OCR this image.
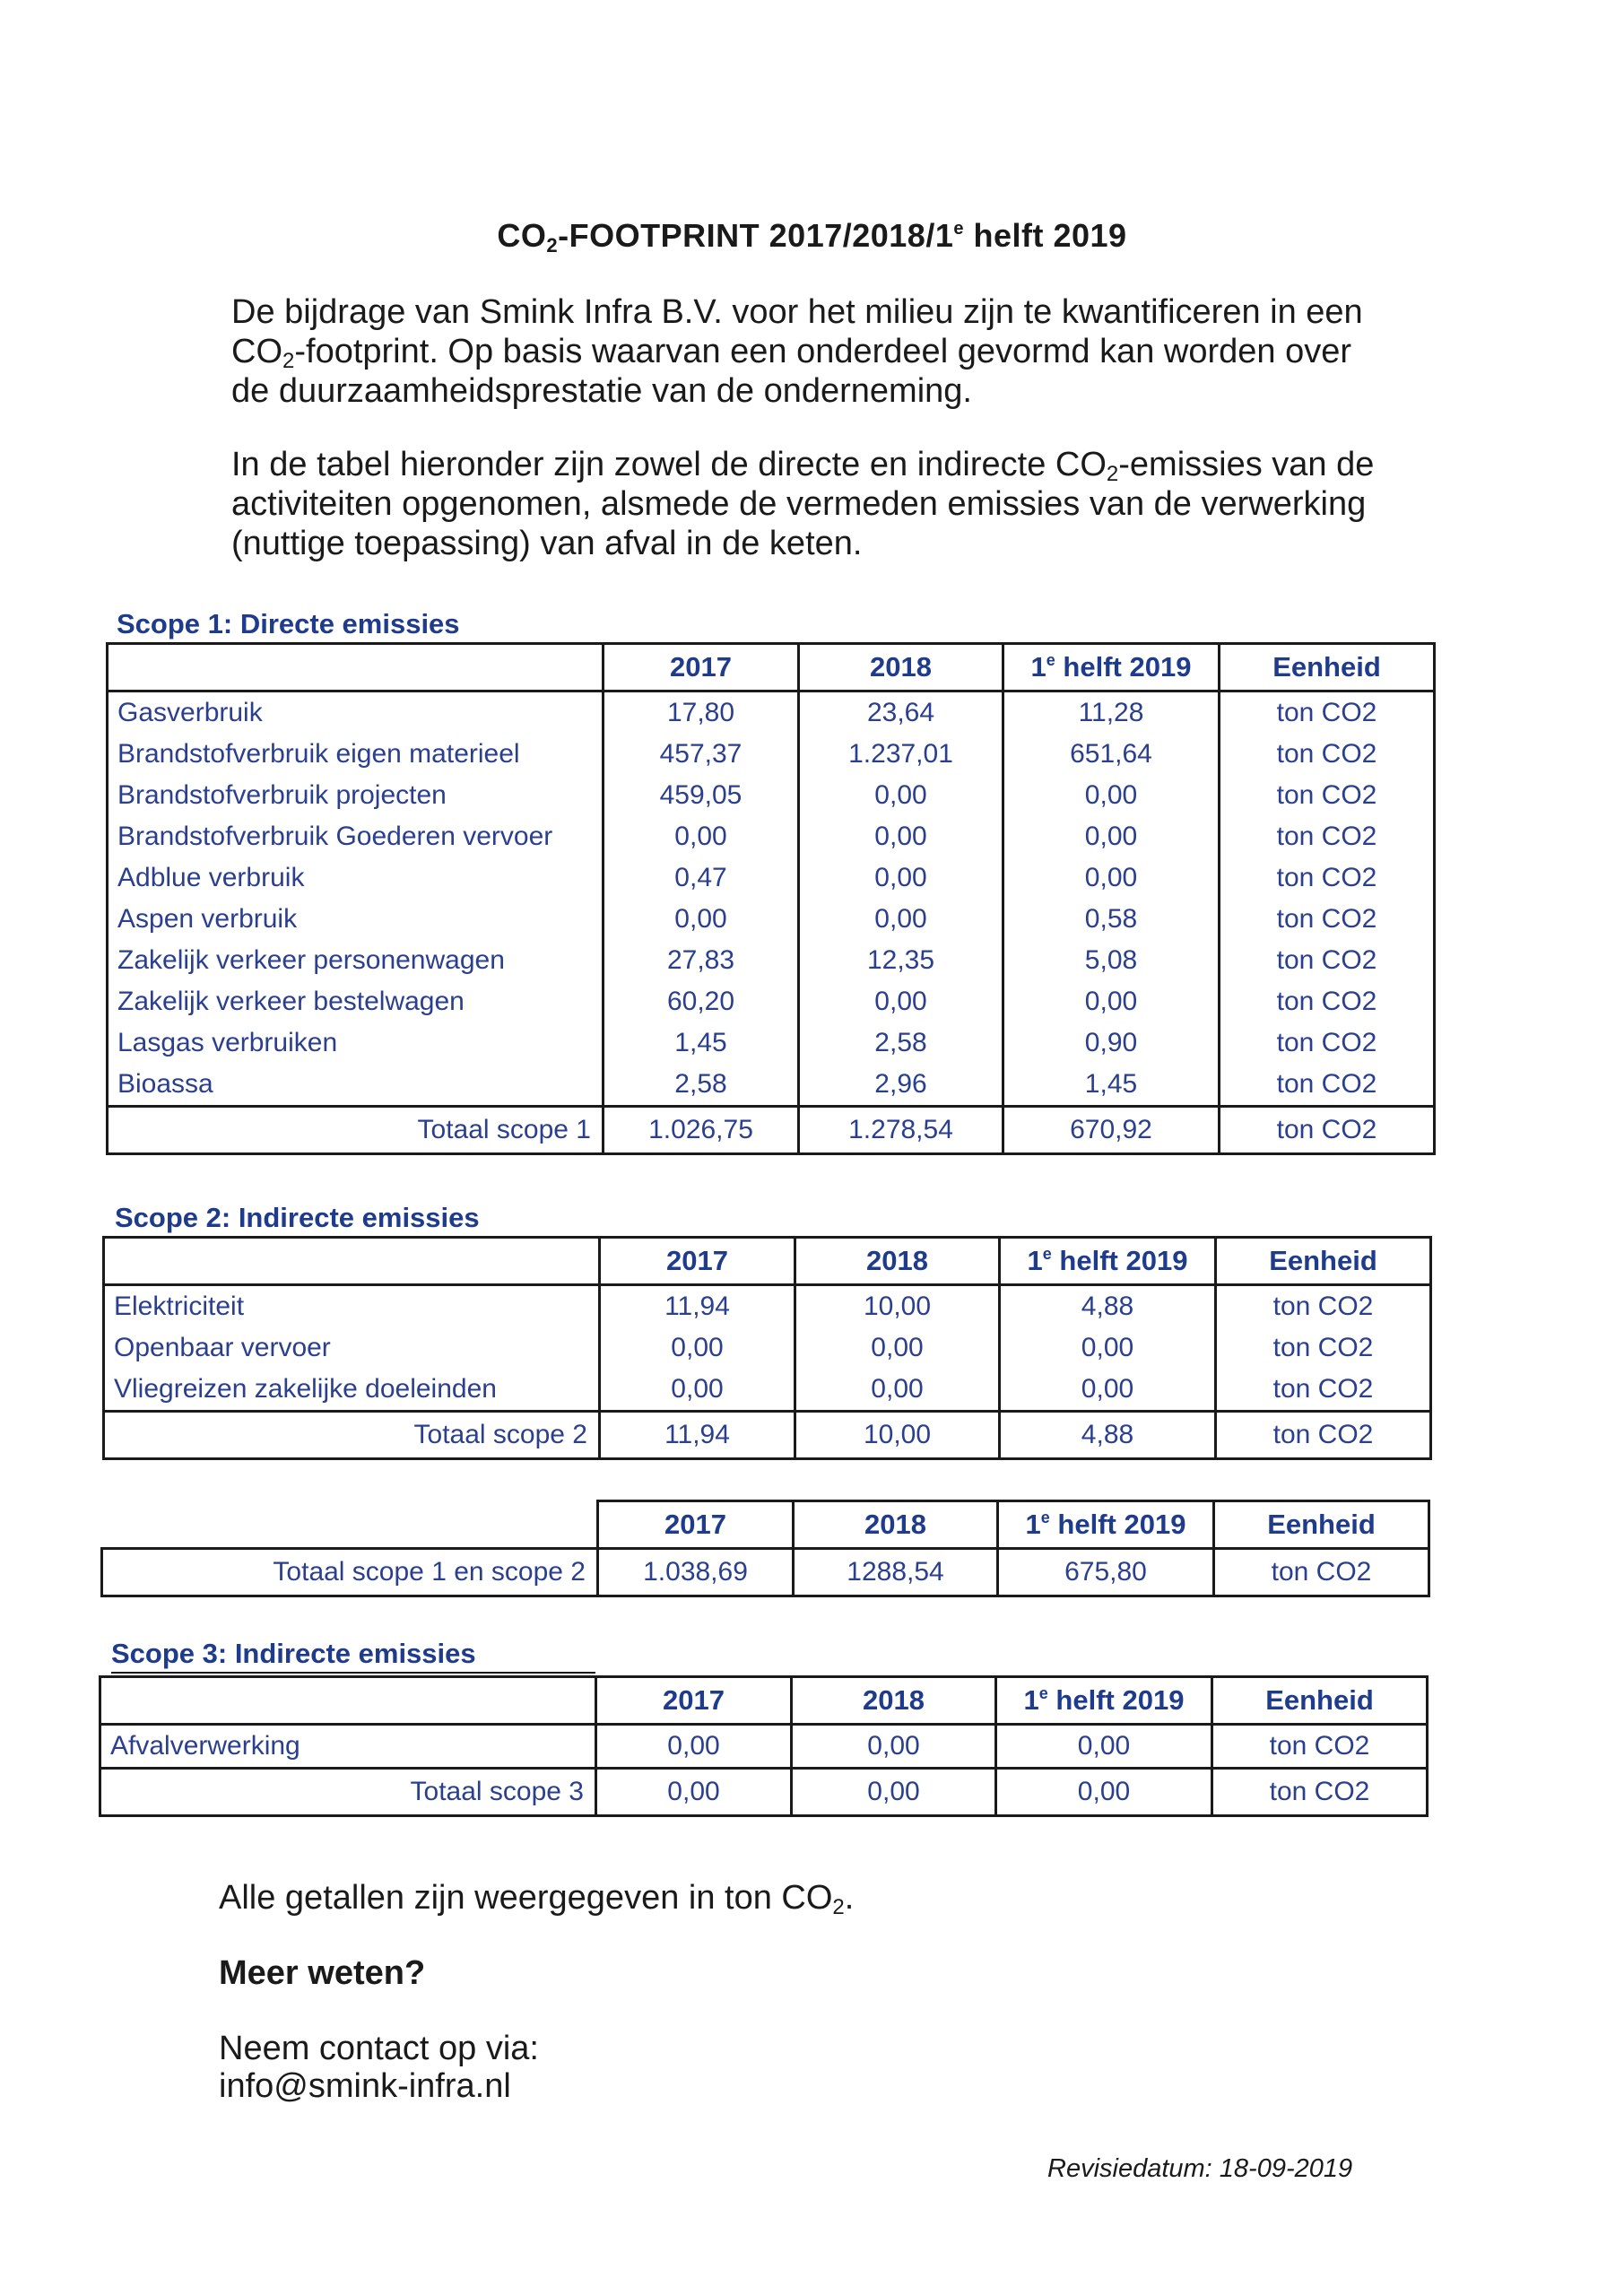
$CO_2$-FOOTPRINT 2017/2018/1e helft 2019
De bijdrage van Smink Infra B.V. voor het milieu zijn te kwantificeren in een $CO_2$-footprint. Op basis waarvan een onderdeel gevormd kan worden over de duurzaamheidsprestatie van de onderneming.
In de tabel hieronder zijn zowel de directe en indirecte $CO_2$-emissies van de activiteiten opgenomen, alsmede de vermeden emissies van de verwerking (nuttige toepassing) van afval in de keten.
Scope 1: Directe emissies
	2017	2018	1e helft 2019	Eenheid
Gasverbruik	17,80	23,64	11,28	ton CO2
Brandstofverbruik eigen materieel	457,37	1.237,01	651,64	ton CO2
Brandstofverbruik projecten	459,05	0,00	0,00	ton CO2
Brandstofverbruik Goederen vervoer	0,00	0,00	0,00	ton CO2
Adblue verbruik	0,47	0,00	0,00	ton CO2
Aspen verbruik	0,00	0,00	0,58	ton CO2
Zakelijk verkeer personenwagen	27,83	12,35	5,08	ton CO2
Zakelijk verkeer bestelwagen	60,20	0,00	0,00	ton CO2
Lasgas verbruiken	1,45	2,58	0,90	ton CO2
Bioassa	2,58	2,96	1,45	ton CO2
Totaal scope 1	1.026,75	1.278,54	670,92	ton CO2
Scope 2: Indirecte emissies
	2017	2018	1e helft 2019	Eenheid
Elektriciteit	11,94	10,00	4,88	ton CO2
Openbaar vervoer	0,00	0,00	0,00	ton CO2
Vliegreizen zakelijke doeleinden	0,00	0,00	0,00	ton CO2
Totaal scope 2	11,94	10,00	4,88	ton CO2
	2017	2018	1e helft 2019	Eenheid
Totaal scope 1 en scope 2	1.038,69	1288,54	675,80	ton CO2
Scope 3: Indirecte emissies
	2017	2018	1e helft 2019	Eenheid
Afvalverwerking	0,00	0,00	0,00	ton CO2
Totaal scope 3	0,00	0,00	0,00	ton CO2
Alle getallen zijn weergegeven in ton $CO_2$.
Meer weten?
Neem contact op via:
info@smink-infra.nl
Revisiedatum: 18-09-2019
